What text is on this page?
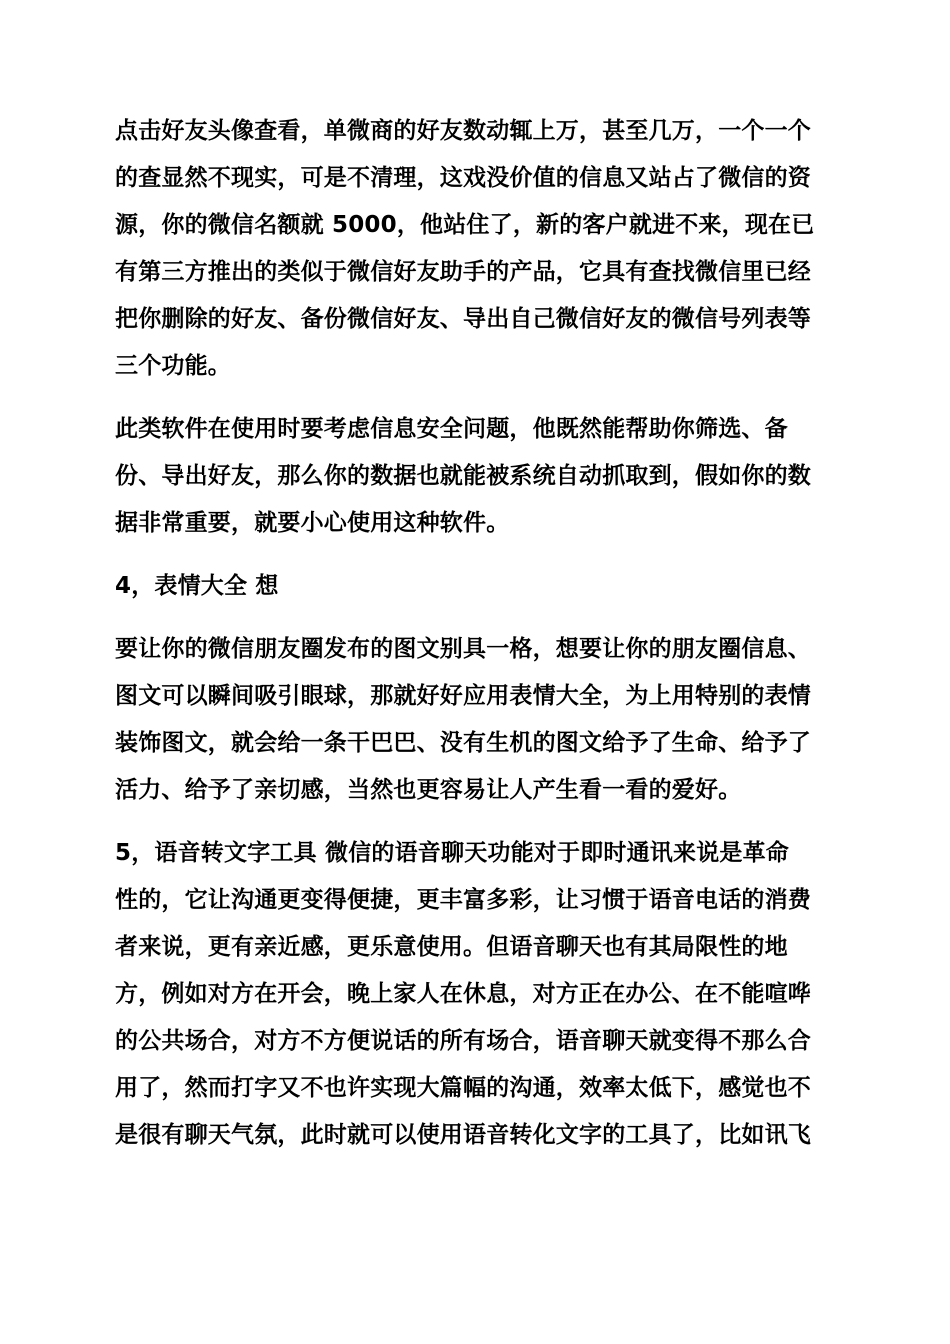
点击好友头像查看，单微商的好友数动辄上万，甚至几万，一个一个
的查显然不现实，可是不清理，这戏没价值的信息又站占了微信的资
源，你的微信名额就 5000，他站住了，新的客户就进不来，现在已
有第三方推出的类似于微信好友助手的产品，它具有查找微信里已经
把你删除的好友、备份微信好友、导出自己微信好友的微信号列表等
三个功能。
此类软件在使用时要考虑信息安全问题，他既然能帮助你筛选、备
份、导出好友，那么你的数据也就能被系统自动抓取到，假如你的数
据非常重要，就要小心使用这种软件。
4，表情大全 想
要让你的微信朋友圈发布的图文别具一格，想要让你的朋友圈信息、
图文可以瞬间吸引眼球，那就好好应用表情大全，为上用特别的表情
装饰图文，就会给一条干巴巴、没有生机的图文给予了生命、给予了
活力、给予了亲切感，当然也更容易让人产生看一看的爱好。
5，语音转文字工具 微信的语音聊天功能对于即时通讯来说是革命
性的，它让沟通更变得便捷，更丰富多彩，让习惯于语音电话的消费
者来说，更有亲近感，更乐意使用。但语音聊天也有其局限性的地
方，例如对方在开会，晚上家人在休息，对方正在办公、在不能喧哗
的公共场合，对方不方便说话的所有场合，语音聊天就变得不那么合
用了，然而打字又不也许实现大篇幅的沟通，效率太低下，感觉也不
是很有聊天气氛，此时就可以使用语音转化文字的工具了，比如讯飞
